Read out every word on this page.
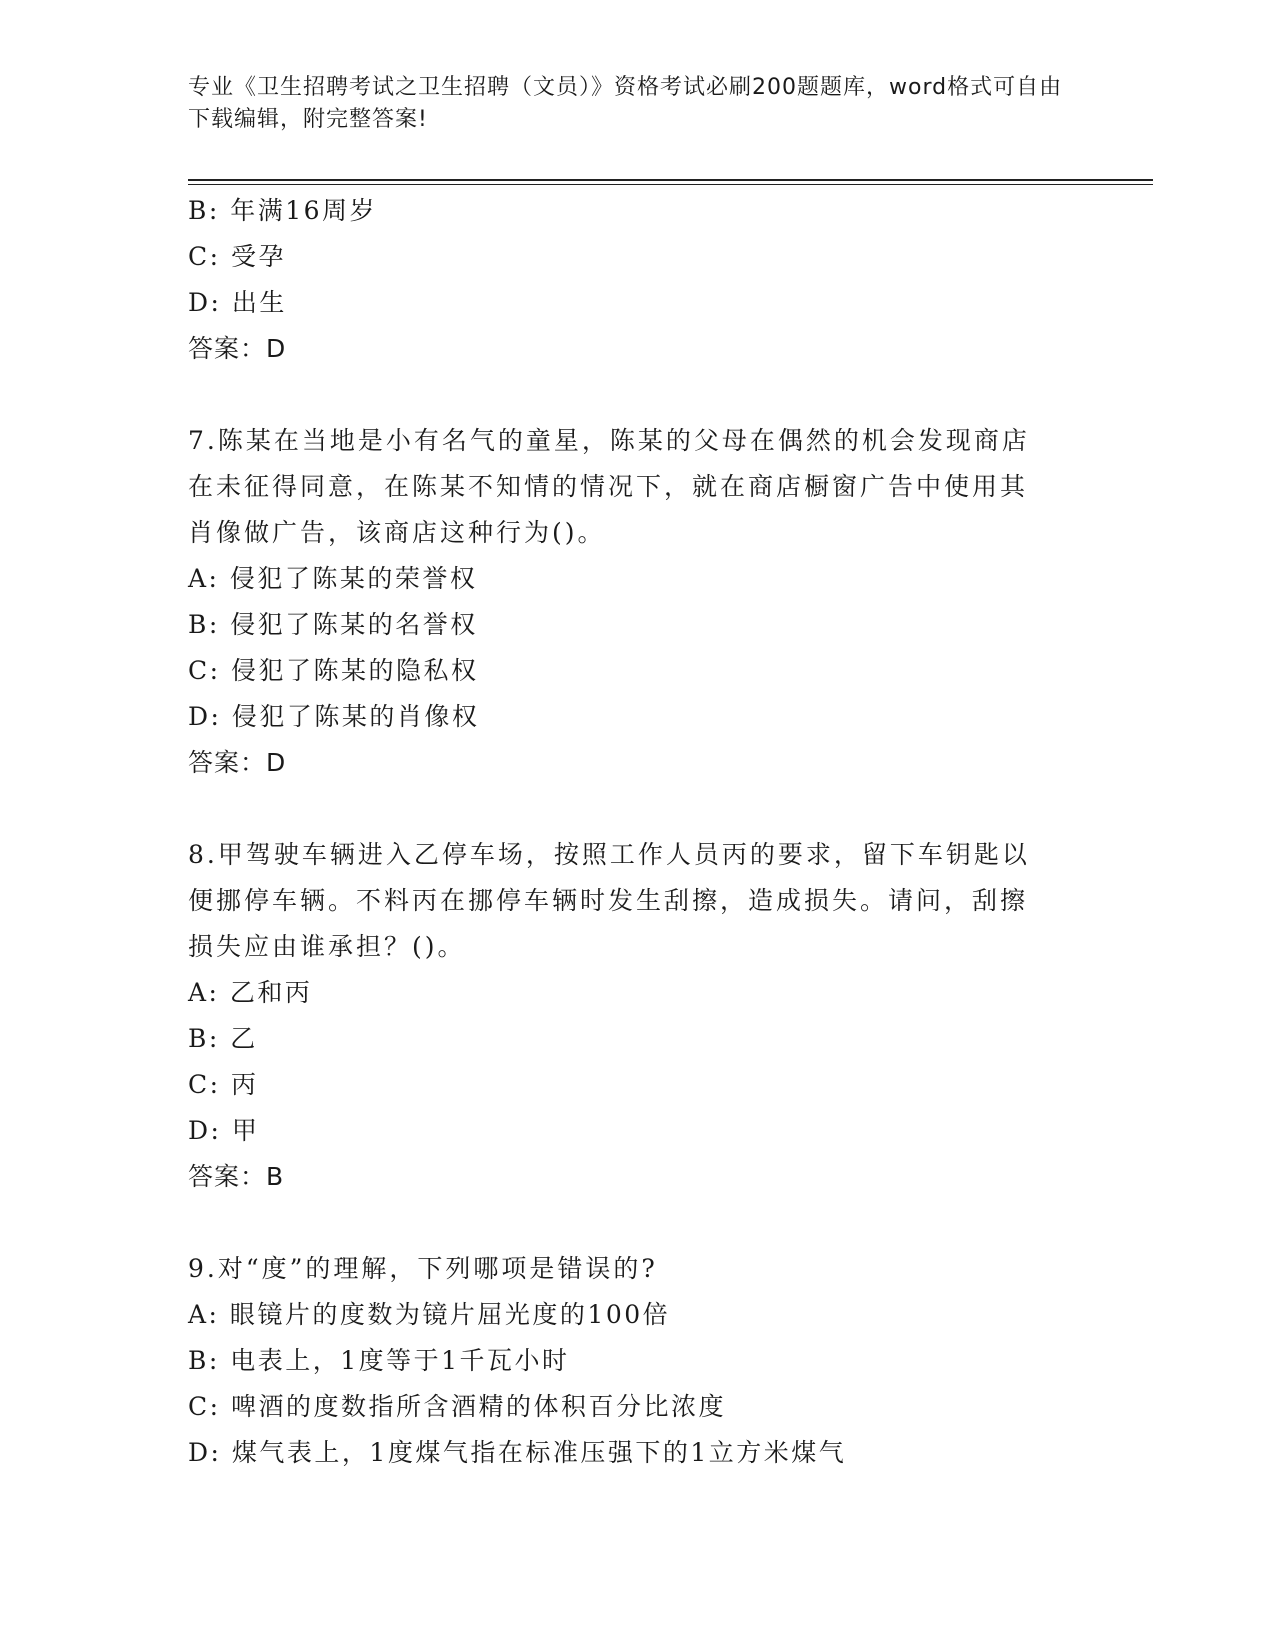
专业《卫生招聘考试之卫生招聘（文员）》资格考试必刷200题题库，word格式可自由下载编辑，附完整答案!
B: 年满16周岁
C: 受孕
D: 出生
答案：D
7.陈某在当地是小有名气的童星，陈某的父母在偶然的机会发现商店
在未征得同意，在陈某不知情的情况下，就在商店橱窗广告中使用其
肖像做广告，该商店这种行为()。
A: 侵犯了陈某的荣誉权
B: 侵犯了陈某的名誉权
C: 侵犯了陈某的隐私权
D: 侵犯了陈某的肖像权
答案：D
8.甲驾驶车辆进入乙停车场，按照工作人员丙的要求，留下车钥匙以
便挪停车辆。不料丙在挪停车辆时发生刮擦，造成损失。请问，刮擦
损失应由谁承担？()。
A: 乙和丙
B: 乙
C: 丙
D: 甲
答案：B
9.对“度”的理解，下列哪项是错误的?
A: 眼镜片的度数为镜片屈光度的100倍
B: 电表上，1度等于1千瓦小时
C: 啤酒的度数指所含酒精的体积百分比浓度
D: 煤气表上，1度煤气指在标准压强下的1立方米煤气
